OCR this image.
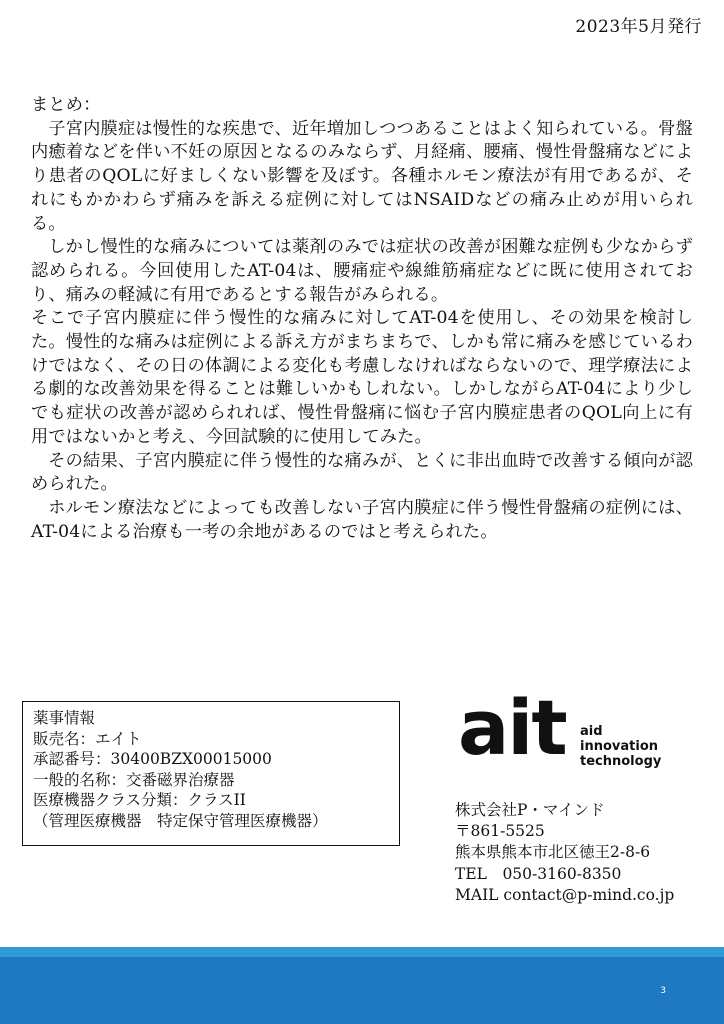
2023年5月発行

まとめ：

子宮内膜症は慢性的な疾患で、近年増加しつつあることはよく知られている。骨盤内癒着などを伴い不妊の原因となるのみならず、月経痛、腰痛、慢性骨盤痛などにより患者のQOLに好ましくない影響を及ぼす。各種ホルモン療法が有用であるが、それにもかかわらず痛みを訴える症例に対してはNSAIDなどの痛み止めが用いられる。

しかし慢性的な痛みについては薬剤のみでは症状の改善が困難な症例も少なからず認められる。今回使用したAT-04は、腰痛症や線維筋痛症などに既に使用されており、痛みの軽減に有用であるとする報告がみられる。

そこで子宮内膜症に伴う慢性的な痛みに対してAT-04を使用し、その効果を検討した。慢性的な痛みは症例による訴え方がまちまちで、しかも常に痛みを感じているわけではなく、その日の体調による変化も考慮しなければならないので、理学療法による劇的な改善効果を得ることは難しいかもしれない。しかしながらAT-04により少しでも症状の改善が認められれば、慢性骨盤痛に悩む子宮内膜症患者のQOL向上に有用ではないかと考え、今回試験的に使用してみた。

その結果、子宮内膜症に伴う慢性的な痛みが、とくに非出血時で改善する傾向が認められた。

ホルモン療法などによっても改善しない子宮内膜症に伴う慢性骨盤痛の症例には、AT-04による治療も一考の余地があるのではと考えられた。

薬事情報
販売名：エイト
承認番号：30400BZX00015000
一般的名称：交番磁界治療器
医療機器クラス分類：クラスII
（管理医療機器　特定保守管理医療機器）
ait aid
innovation
technology
株式会社P・マインド
〒861-5525
熊本県熊本市北区徳王2-8-6
TEL　050-3160-8350
MAIL contact@p-mind.co.jp
3
